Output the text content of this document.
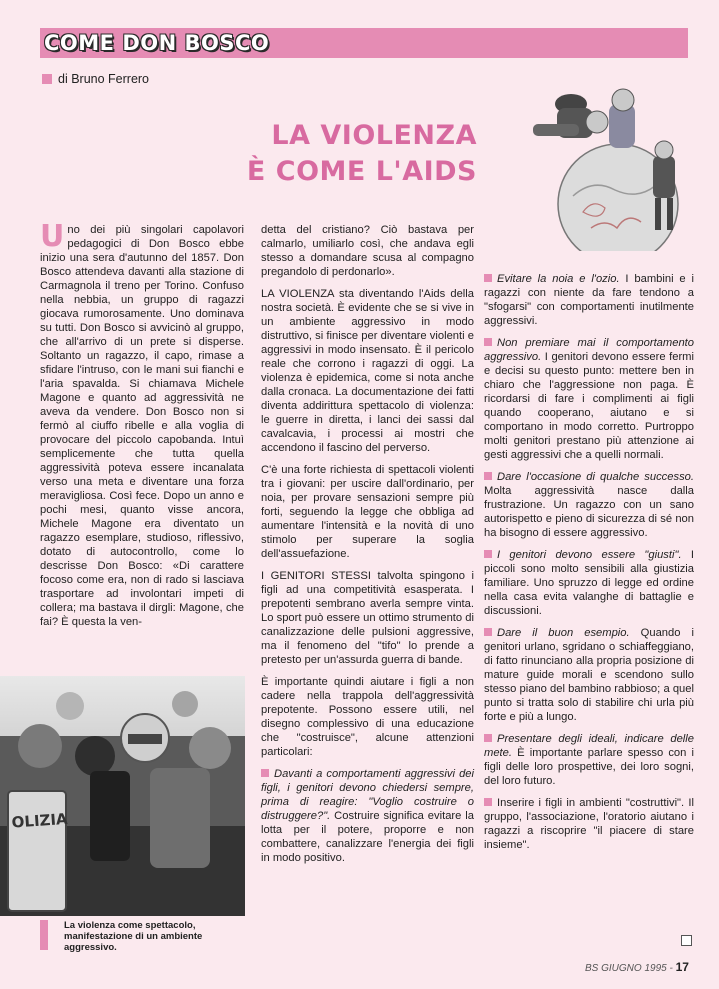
COME DON BOSCO
di Bruno Ferrero
LA VIOLENZA
È COME L'AIDS

Uno dei più singolari capolavori pedagogici di Don Bosco ebbe inizio una sera d'autunno del 1857. Don Bosco attendeva davanti alla stazione di Carmagnola il treno per Torino. Confuso nella nebbia, un gruppo di ragazzi giocava rumorosamente. Uno dominava su tutti. Don Bosco si avvicinò al gruppo, che all'arrivo di un prete si disperse. Soltanto un ragazzo, il capo, rimase a sfidare l'intruso, con le mani sui fianchi e l'aria spavalda. Si chiamava Michele Magone e quanto ad aggressività ne aveva da vendere. Don Bosco non si fermò al ciuffo ribelle e alla voglia di provocare del piccolo capobanda. Intuì semplicemente che tutta quella aggressività poteva essere incanalata verso una meta e diventare una forza meravigliosa. Così fece. Dopo un anno e pochi mesi, quanto visse ancora, Michele Magone era diventato un ragazzo esemplare, studioso, riflessivo, dotato di autocontrollo, come lo descrisse Don Bosco: «Di carattere focoso come era, non di rado si lasciava trasportare ad involontari impeti di collera; ma bastava il dirgli: Magone, che fai? È questa la ven-

detta del cristiano? Ciò bastava per calmarlo, umiliarlo così, che andava egli stesso a domandare scusa al compagno pregandolo di perdonarlo».

LA VIOLENZA sta diventando l'Aids della nostra società. È evidente che se si vive in un ambiente aggressivo in modo distruttivo, si finisce per diventare violenti e aggressivi in modo insensato. È il pericolo reale che corrono i ragazzi di oggi. La violenza è epidemica, come si nota anche dalla cronaca. La documentazione dei fatti diventa addirittura spettacolo di violenza: le guerre in diretta, i lanci dei sassi dal cavalcavia, i processi ai mostri che accendono il fascino del perverso.

C'è una forte richiesta di spettacoli violenti tra i giovani: per uscire dall'ordinario, per noia, per provare sensazioni sempre più forti, seguendo la legge che obbliga ad aumentare l'intensità e la novità di uno stimolo per superare la soglia dell'assuefazione.

I GENITORI STESSI talvolta spingono i figli ad una competitività esasperata. I prepotenti sembrano averla sempre vinta. Lo sport può essere un ottimo strumento di canalizzazione delle pulsioni aggressive, ma il fenomeno del "tifo" lo prende a pretesto per un'assurda guerra di bande.

È importante quindi aiutare i figli a non cadere nella trappola dell'aggressività prepotente. Possono essere utili, nel disegno complessivo di una educazione che "costruisce", alcune attenzioni particolari:

Davanti a comportamenti aggressivi dei figli, i genitori devono chiedersi sempre, prima di reagire: "Voglio costruire o distruggere?". Costruire significa evitare la lotta per il potere, proporre e non combattere, canalizzare l'energia dei figli in modo positivo.

Evitare la noia e l'ozio. I bambini e i ragazzi con niente da fare tendono a "sfogarsi" con comportamenti inutilmente aggressivi.

Non premiare mai il comportamento aggressivo. I genitori devono essere fermi e decisi su questo punto: mettere ben in chiaro che l'aggressione non paga. È ricordarsi di fare i complimenti ai figli quando cooperano, aiutano e si comportano in modo corretto. Purtroppo molti genitori prestano più attenzione ai gesti aggressivi che a quelli normali.

Dare l'occasione di qualche successo. Molta aggressività nasce dalla frustrazione. Un ragazzo con un sano autorispetto e pieno di sicurezza di sé non ha bisogno di essere aggressivo.

I genitori devono essere "giusti". I piccoli sono molto sensibili alla giustizia familiare. Uno spruzzo di legge ed ordine nella casa evita valanghe di battaglie e discussioni.

Dare il buon esempio. Quando i genitori urlano, sgridano o schiaffeggiano, di fatto rinunciano alla propria posizione di mature guide morali e scendono sullo stesso piano del bambino rabbioso; a quel punto si tratta solo di stabilire chi urla più forte e più a lungo.

Presentare degli ideali, indicare delle mete. È importante parlare spesso con i figli delle loro prospettive, dei loro sogni, del loro futuro.

Inserire i figli in ambienti "costruttivi". Il gruppo, l'associazione, l'oratorio aiutano i ragazzi a riscoprire "il piacere di stare insieme".

OLIZIA
La violenza come spettacolo, manifestazione di un ambiente aggressivo.
BS GIUGNO 1995 - 17
